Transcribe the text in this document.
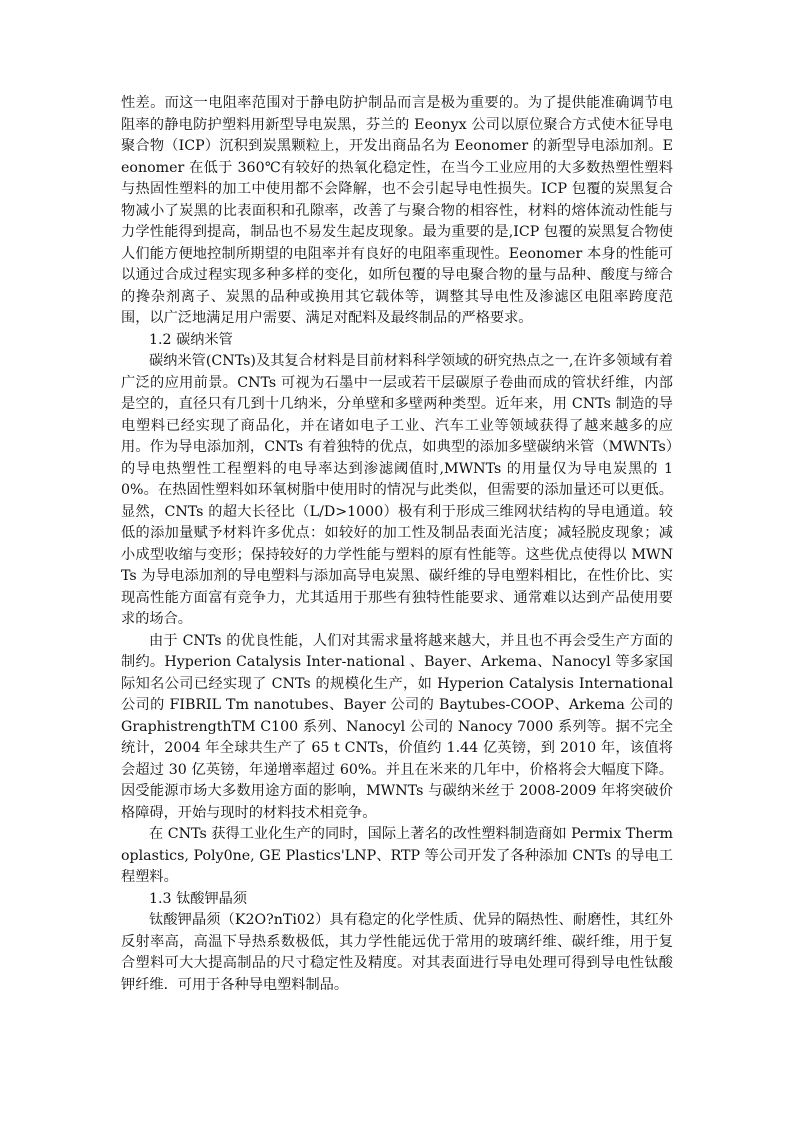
性差。而这一电阻率范围对于静电防护制品而言是极为重要的。为了提供能准确调节电阻率的静电防护塑料用新型导电炭黑，芬兰的 Eeonyx 公司以原位聚合方式使木征导电聚合物（ICP）沉积到炭黑颗粒上，开发出商品名为 Eeonomer 的新型导电添加剂。Eeonomer 在低于 360℃有较好的热氧化稳定性，在当今工业应用的大多数热塑性塑料与热固性塑料的加工中使用都不会降解，也不会引起导电性损失。ICP 包覆的炭黑复合物减小了炭黑的比表面积和孔隙率，改善了与聚合物的相容性，材料的熔体流动性能与力学性能得到提高，制品也不易发生起皮现象。最为重要的是,ICP 包覆的炭黑复合物使人们能方便地控制所期望的电阻率并有良好的电阻率重现性。Eeonomer 本身的性能可以通过合成过程实现多种多样的变化，如所包覆的导电聚合物的量与品种、酸度与缔合的搀杂剂离子、炭黑的品种或换用其它载体等，调整其导电性及渗滤区电阻率跨度范围，以广泛地满足用户需要、满足对配料及最终制品的严格要求。

1.2 碳纳米管

碳纳米管(CNTs)及其复合材料是目前材料科学领域的研究热点之一,在许多领域有着广泛的应用前景。CNTs 可视为石墨中一层或若干层碳原子卷曲而成的管状纤维，内部是空的，直径只有几到十几纳米，分单壁和多壁两种类型。近年来，用 CNTs 制造的导电塑料已经实现了商品化，并在诸如电子工业、汽车工业等领域获得了越来越多的应用。作为导电添加剂，CNTs 有着独特的优点，如典型的添加多壁碳纳米管（MWNTs）的导电热塑性工程塑料的电导率达到渗滤阈值时,MWNTs 的用量仅为导电炭黑的 10%。在热固性塑料如环氧树脂中使用时的情况与此类似，但需要的添加量还可以更低。显然，CNTs 的超大长径比（L/D>1000）极有利于形成三维网状结构的导电通道。较低的添加量赋予材料许多优点：如较好的加工性及制品表面光洁度；减轻脱皮现象；减小成型收缩与变形；保持较好的力学性能与塑料的原有性能等。这些优点使得以 MWNTs 为导电添加剂的导电塑料与添加高导电炭黑、碳纤维的导电塑料相比，在性价比、实现高性能方面富有竞争力，尤其适用于那些有独特性能要求、通常难以达到产品使用要求的场合。

由于 CNTs 的优良性能，人们对其需求量将越来越大，并且也不再会受生产方面的制约。Hyperion Catalysis Inter-national 、Bayer、Arkema、Nanocyl 等多家国际知名公司已经实现了 CNTs 的规模化生产，如 Hyperion Catalysis International 公司的 FIBRIL Tm nanotubes、Bayer 公司的 Baytubes-COOP、Arkema 公司的 GraphistrengthTM C100 系列、Nanocyl 公司的 Nanocy 7000 系列等。据不完全统计，2004 年全球共生产了 65 t CNTs，价值约 1.44 亿英镑，到 2010 年，该值将会超过 30 亿英镑，年递增率超过 60%。并且在米来的几年中，价格将会大幅度下降。因受能源市场大多数用途方面的影响，MWNTs 与碳纳米丝于 2008-2009 年将突破价格障碍，开始与现时的材料技术相竞争。

在 CNTs 获得工业化生产的同时，国际上著名的改性塑料制造商如 Permix Thermoplastics, Poly0ne, GE Plastics'LNP、RTP 等公司开发了各种添加 CNTs 的导电工程塑料。

1.3 钛酸钾晶须

钛酸钾晶须（K2O?nTi02）具有稳定的化学性质、优异的隔热性、耐磨性，其红外反射率高，高温下导热系数极低，其力学性能远优于常用的玻璃纤维、碳纤维，用于复合塑料可大大提高制品的尺寸稳定性及精度。对其表面进行导电处理可得到导电性钛酸钾纤维．可用于各种导电塑料制品。
